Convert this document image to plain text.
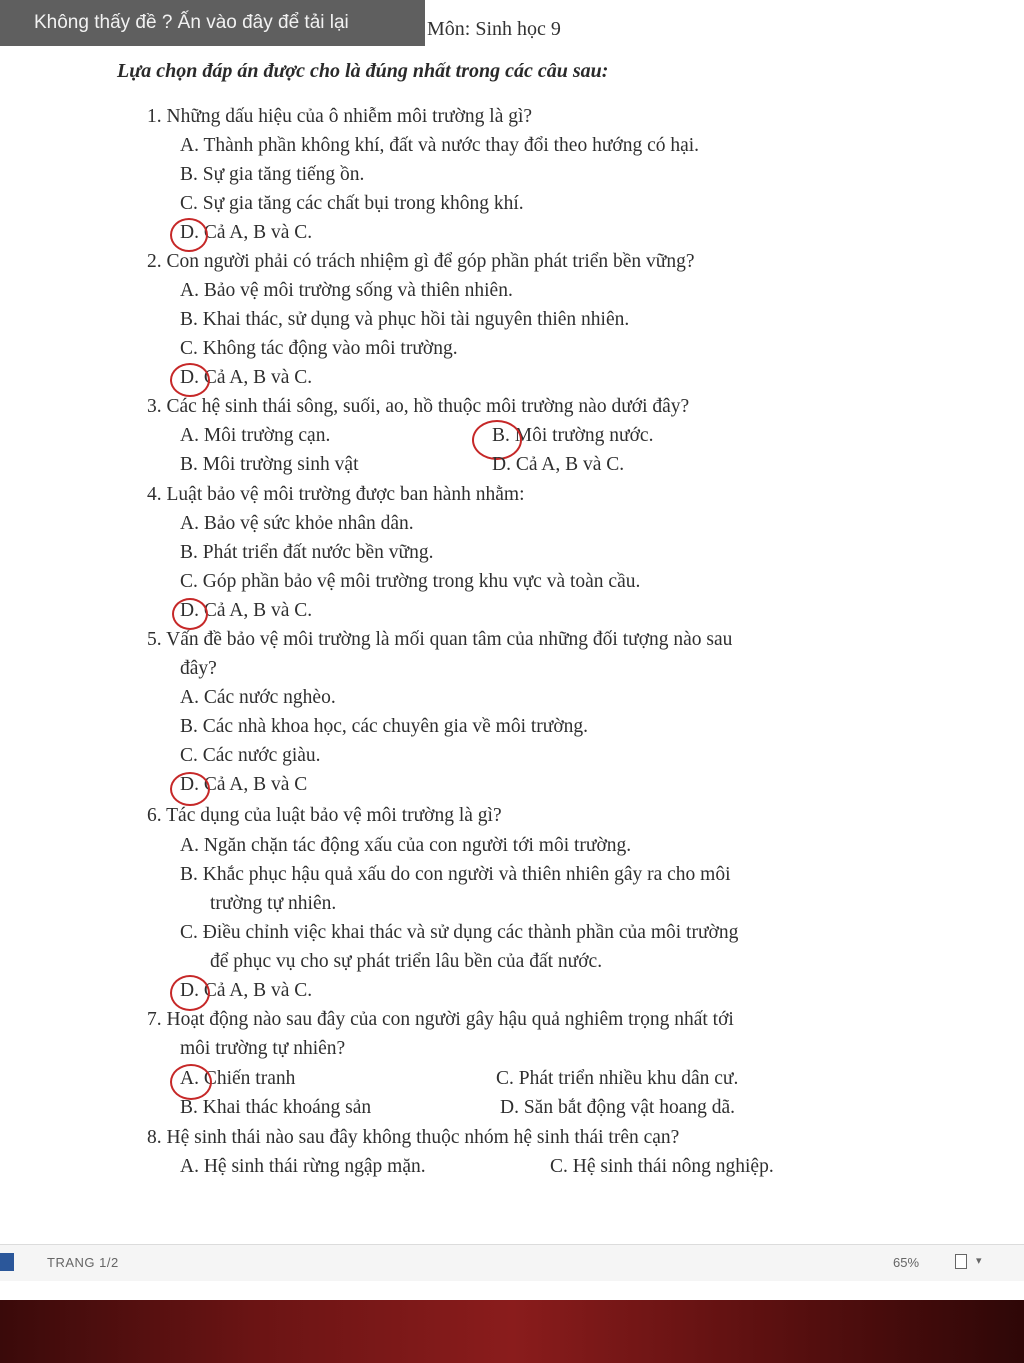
Không thấy đề ? Ấn vào đây để tải lại	Môn: Sinh học 9
Lựa chọn đáp án được cho là đúng nhất trong các câu sau:
1. Những dấu hiệu của ô nhiễm môi trường là gì?
A. Thành phần không khí, đất và nước thay đổi theo hướng có hại.
B. Sự gia tăng tiếng ồn.
C. Sự gia tăng các chất bụi trong không khí.
D. Cả A, B và C.
2. Con người phải có trách nhiệm gì để góp phần phát triển bền vững?
A. Bảo vệ môi trường sống và thiên nhiên.
B. Khai thác, sử dụng và phục hồi tài nguyên thiên nhiên.
C. Không tác động vào môi trường.
D. Cả A, B và C.
3. Các hệ sinh thái sông, suối, ao, hồ thuộc môi trường nào dưới đây?
A. Môi trường cạn.	B. Môi trường nước.
B. Môi trường sinh vật	D. Cả A, B và C.
4. Luật bảo vệ môi trường được ban hành nhằm:
A. Bảo vệ sức khỏe nhân dân.
B. Phát triển đất nước bền vững.
C. Góp phần bảo vệ môi trường trong khu vực và toàn cầu.
D. Cả A, B và C.
5. Vấn đề bảo vệ môi trường là mối quan tâm của những đối tượng nào sau
đây?
A. Các nước nghèo.
B. Các nhà khoa học, các chuyên gia về môi trường.
C. Các nước giàu.
D. Cả A, B và C
6. Tác dụng của luật bảo vệ môi trường là gì?
A. Ngăn chặn tác động xấu của con người tới môi trường.
B. Khắc phục hậu quả xấu do con người và thiên nhiên gây ra cho môi
trường tự nhiên.
C. Điều chỉnh việc khai thác và sử dụng các thành phần của môi trường
để phục vụ cho sự phát triển lâu bền của đất nước.
D. Cả A, B và C.
7. Hoạt động nào sau đây của con người gây hậu quả nghiêm trọng nhất tới
môi trường tự nhiên?
A. Chiến tranh	C. Phát triển nhiều khu dân cư.
B. Khai thác khoáng sản	D. Săn bắt động vật hoang dã.
8. Hệ sinh thái nào sau đây không thuộc nhóm hệ sinh thái trên cạn?
A. Hệ sinh thái rừng ngập mặn.	C. Hệ sinh thái nông nghiệp.
TRANG 1/2	65%	▾
